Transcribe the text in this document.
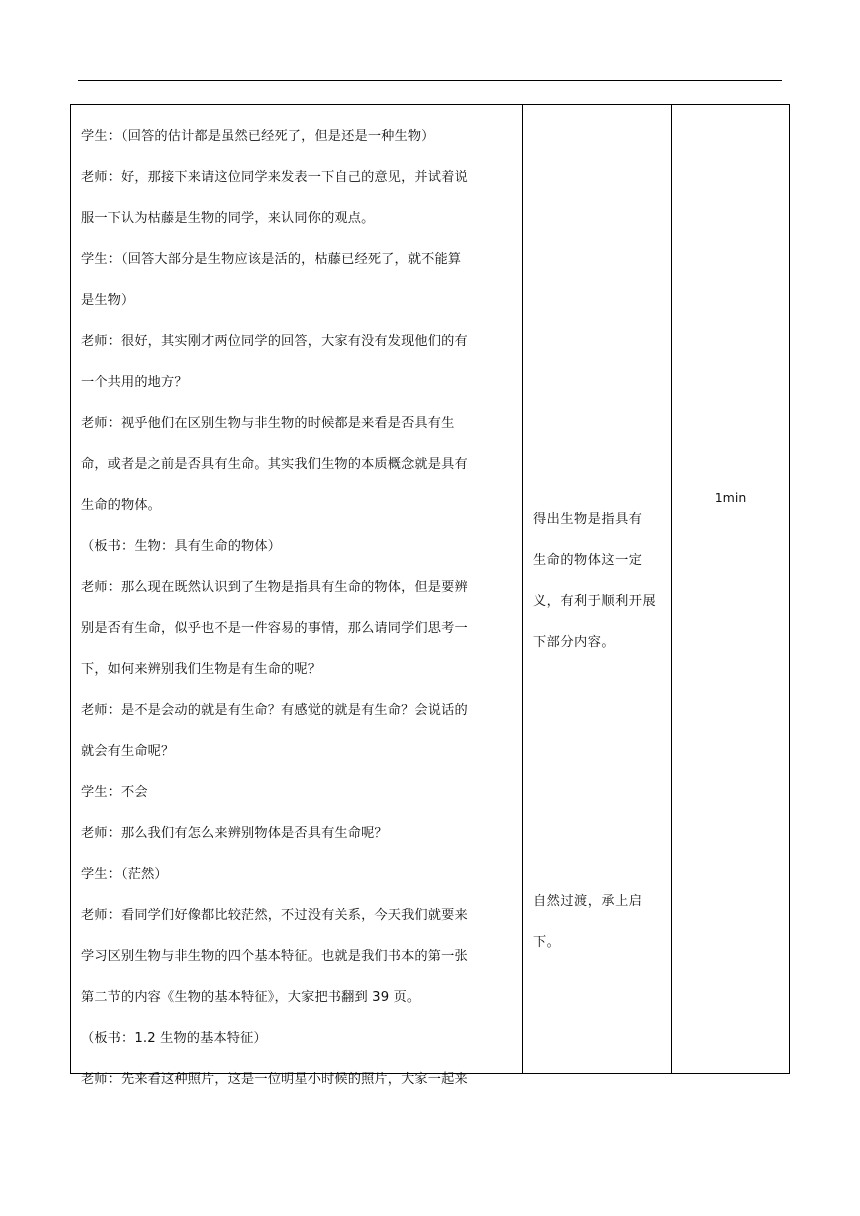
学生：（回答的估计都是虽然已经死了，但是还是一种生物）
老师：好，那接下来请这位同学来发表一下自己的意见，并试着说
服一下认为枯藤是生物的同学，来认同你的观点。
学生：（回答大部分是生物应该是活的，枯藤已经死了，就不能算
是生物）
老师：很好，其实刚才两位同学的回答，大家有没有发现他们的有
一个共用的地方？
老师：视乎他们在区别生物与非生物的时候都是来看是否具有生
命，或者是之前是否具有生命。其实我们生物的本质概念就是具有
生命的物体。
（板书：生物：具有生命的物体）
老师：那么现在既然认识到了生物是指具有生命的物体，但是要辨
别是否有生命，似乎也不是一件容易的事情，那么请同学们思考一
下，如何来辨别我们生物是有生命的呢？
老师：是不是会动的就是有生命？有感觉的就是有生命？会说话的
就会有生命呢？
学生：不会
老师：那么我们有怎么来辨别物体是否具有生命呢？
学生：（茫然）
老师：看同学们好像都比较茫然，不过没有关系，今天我们就要来
学习区别生物与非生物的四个基本特征。也就是我们书本的第一张
第二节的内容《生物的基本特征》，大家把书翻到 39 页。
（板书：1.2 生物的基本特征）
老师：先来看这种照片，这是一位明星小时候的照片，大家一起来
得出生物是指具有
生命的物体这一定
义，有利于顺利开展
下部分内容。
自然过渡，承上启
下。
1min
